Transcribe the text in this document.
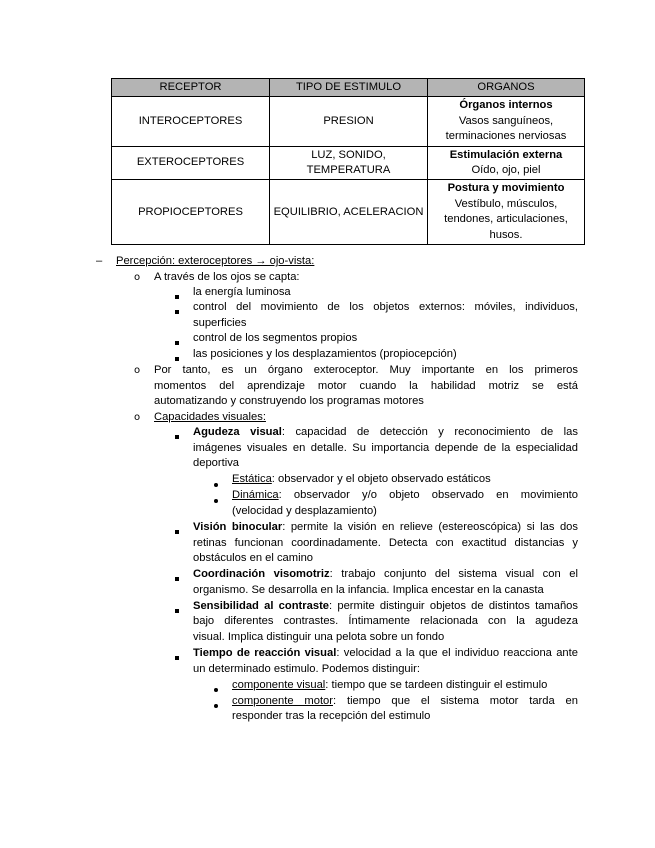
RECEPTOR	TIPO DE ESTIMULO	ORGANOS
INTEROCEPTORES	PRESION	Órganos internos
Vasos sanguíneos, terminaciones nerviosas

EXTEROCEPTORES	LUZ, SONIDO, TEMPERATURA	Estimulación externa
Oído, ojo, piel

PROPIOCEPTORES	EQUILIBRIO, ACELERACION	Postura y movimiento
Vestíbulo, músculos, tendones, articulaciones, husos.
– Percepción: exteroceptores → ojo-vista:
o A través de los ojos se capta:
la energía luminosa
control del movimiento de los objetos externos: móviles, individuos,
superficies
control de los segmentos propios
las posiciones y los desplazamientos (propiocepción)
o Por tanto, es un órgano exteroceptor. Muy importante en los primeros
momentos del aprendizaje motor cuando la habilidad motriz se está
automatizando y construyendo los programas motores
o Capacidades visuales:
Agudeza visual: capacidad de detección y reconocimiento de las
imágenes visuales en detalle. Su importancia depende de la especialidad
deportiva
Estática: observador y el objeto observado estáticos
Dinámica: observador y/o objeto observado en movimiento
(velocidad y desplazamiento)
Visión binocular: permite la visión en relieve (estereoscópica) si las dos
retinas funcionan coordinadamente. Detecta con exactitud distancias y
obstáculos en el camino
Coordinación visomotriz: trabajo conjunto del sistema visual con el
organismo. Se desarrolla en la infancia. Implica encestar en la canasta
Sensibilidad al contraste: permite distinguir objetos de distintos tamaños
bajo diferentes contrastes. Íntimamente relacionada con la agudeza
visual. Implica distinguir una pelota sobre un fondo
Tiempo de reacción visual: velocidad a la que el individuo reacciona ante
un determinado estimulo. Podemos distinguir:
componente visual: tiempo que se tardeen distinguir el estimulo
componente motor: tiempo que el sistema motor tarda en
responder tras la recepción del estimulo
